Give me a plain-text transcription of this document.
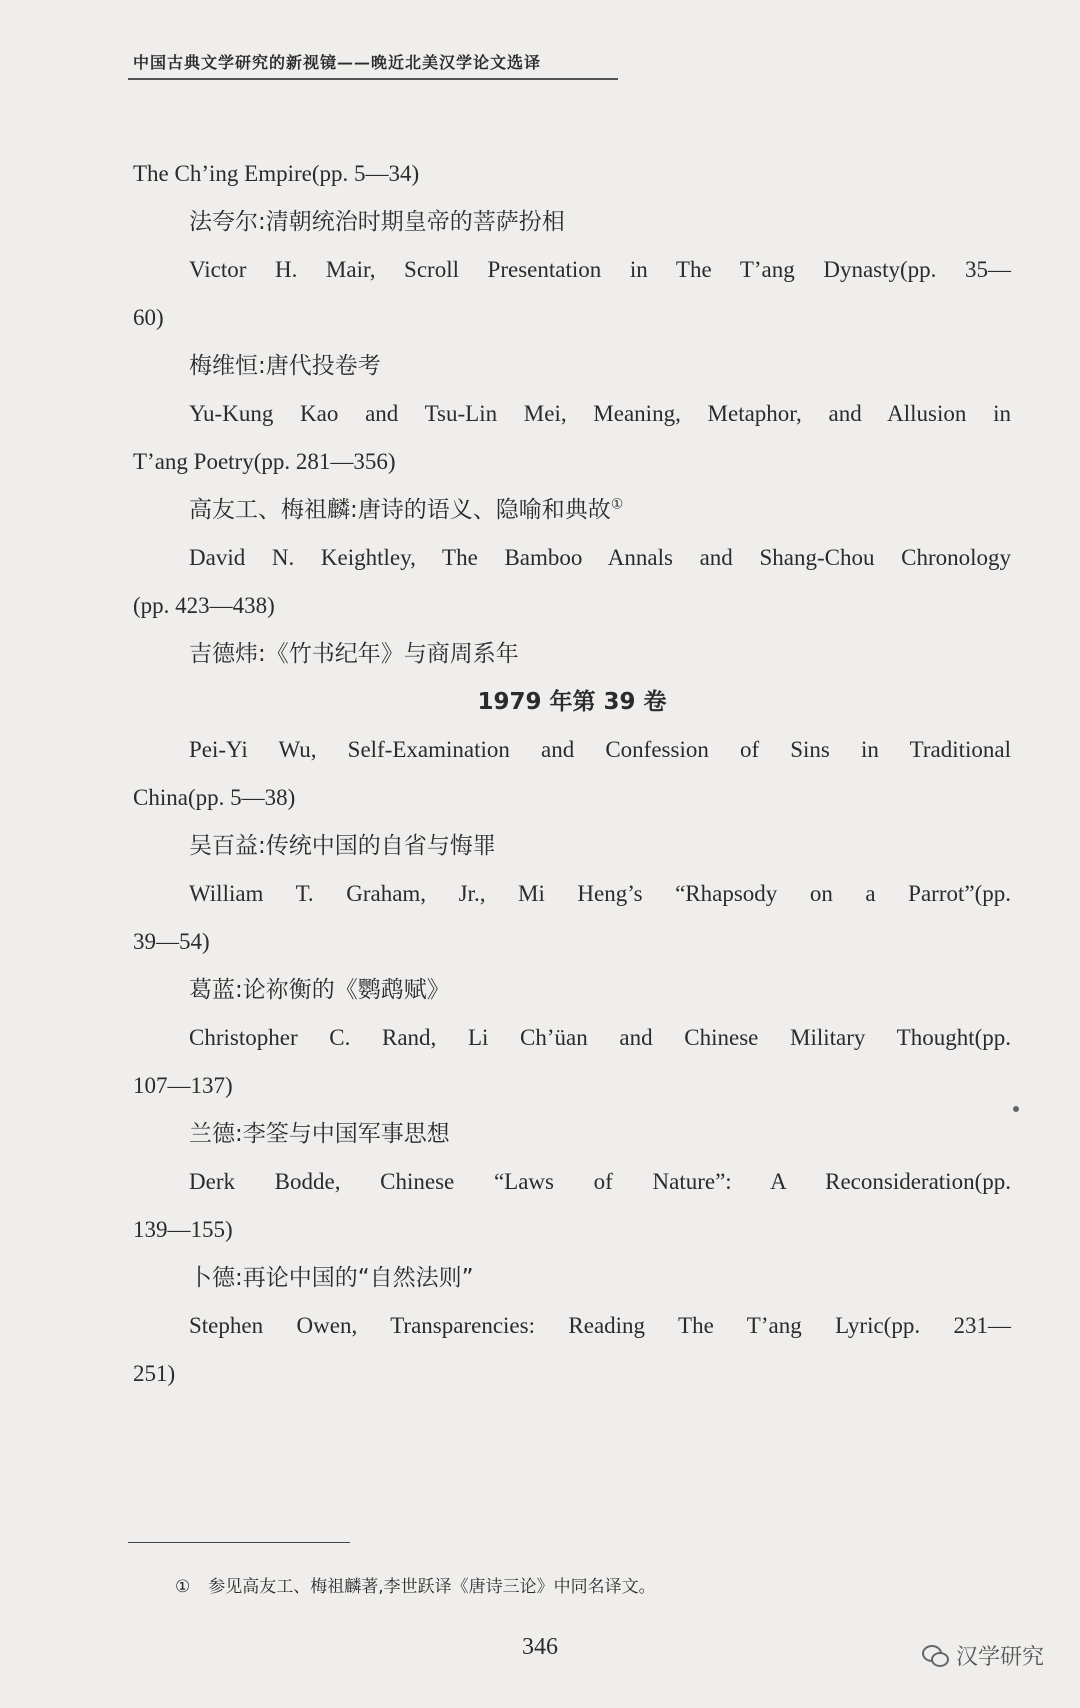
中国古典文学研究的新视镜——晚近北美汉学论文选译
The Ch’ing Empire(pp. 5—34)
法夸尔:清朝统治时期皇帝的菩萨扮相
Victor H. Mair, Scroll Presentation in The T’ang Dynasty(pp. 35—
60)
梅维恒:唐代投卷考
Yu-Kung Kao and Tsu-Lin Mei, Meaning, Metaphor, and Allusion in
T’ang Poetry(pp. 281—356)
高友工、梅祖麟:唐诗的语义、隐喻和典故①
David N. Keightley, The Bamboo Annals and Shang-Chou Chronology
(pp. 423—438)
吉德炜:《竹书纪年》与商周系年
1979 年第 39 卷
Pei-Yi Wu, Self-Examination and Confession of Sins in Traditional
China(pp. 5—38)
吴百益:传统中国的自省与悔罪
William T. Graham, Jr., Mi Heng’s “Rhapsody on a Parrot”(pp.
39—54)
葛蓝:论祢衡的《鹦鹉赋》
Christopher C. Rand, Li Ch’üan and Chinese Military Thought(pp.
107—137)
兰德:李筌与中国军事思想
Derk Bodde, Chinese “Laws of Nature”: A Reconsideration(pp.
139—155)
卜德:再论中国的“自然法则”
Stephen Owen, Transparencies: Reading The T’ang Lyric(pp. 231—
251)
① 参见高友工、梅祖麟著,李世跃译《唐诗三论》中同名译文。
346	汉学研究
